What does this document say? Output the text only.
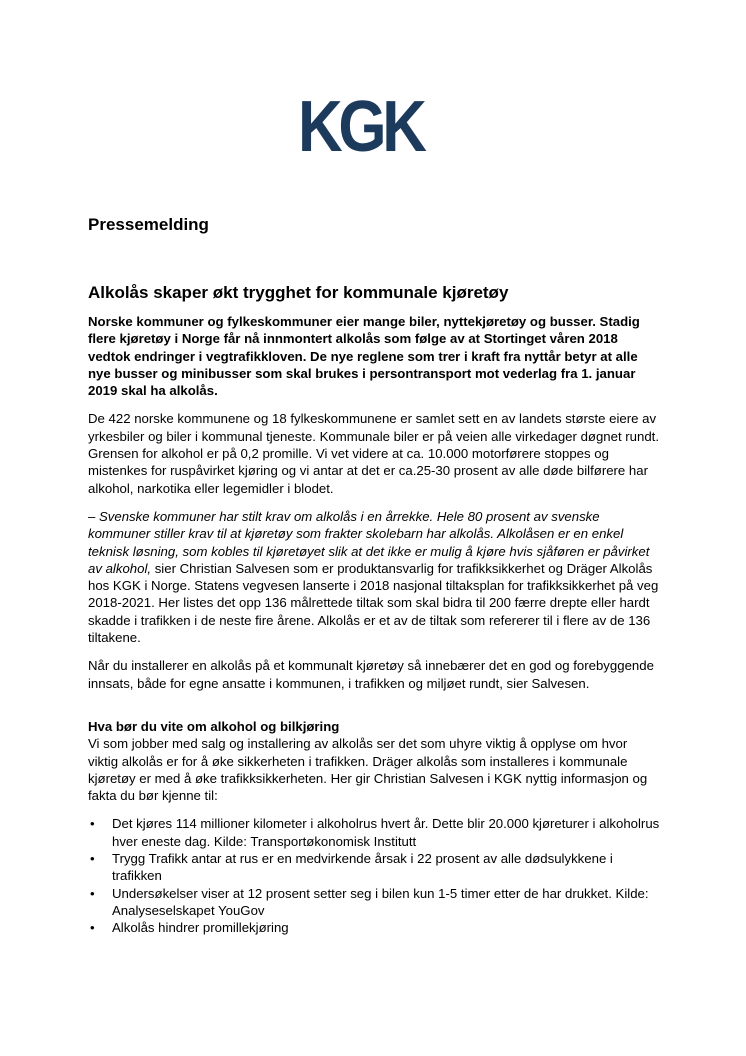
KGK
Pressemelding
Alkolås skaper økt trygghet for kommunale kjøretøy

Norske kommuner og fylkeskommuner eier mange biler, nyttekjøretøy og busser. Stadig flere kjøretøy i Norge får nå innmontert alkolås som følge av at Stortinget våren 2018 vedtok endringer i vegtrafikkloven. De nye reglene som trer i kraft fra nyttår betyr at alle nye busser og minibusser som skal brukes i persontransport mot vederlag fra 1. januar 2019 skal ha alkolås.

De 422 norske kommunene og 18 fylkeskommunene er samlet sett en av landets største eiere av yrkesbiler og biler i kommunal tjeneste. Kommunale biler er på veien alle virkedager døgnet rundt. Grensen for alkohol er på 0,2 promille. Vi vet videre at ca. 10.000 motorførere stoppes og mistenkes for ruspåvirket kjøring og vi antar at det er ca.25-30 prosent av alle døde bilførere har alkohol, narkotika eller legemidler i blodet.

– Svenske kommuner har stilt krav om alkolås i en årrekke. Hele 80 prosent av svenske kommuner stiller krav til at kjøretøy som frakter skolebarn har alkolås. Alkolåsen er en enkel teknisk løsning, som kobles til kjøretøyet slik at det ikke er mulig å kjøre hvis sjåføren er påvirket av alkohol, sier Christian Salvesen som er produktansvarlig for trafikksikkerhet og Dräger Alkolås hos KGK i Norge. Statens vegvesen lanserte i 2018 nasjonal tiltaksplan for trafikksikkerhet på veg 2018-2021. Her listes det opp 136 målrettede tiltak som skal bidra til 200 færre drepte eller hardt skadde i trafikken i de neste fire årene. Alkolås er et av de tiltak som refererer til i flere av de 136 tiltakene.

Når du installerer en alkolås på et kommunalt kjøretøy så innebærer det en god og forebyggende innsats, både for egne ansatte i kommunen, i trafikken og miljøet rundt, sier Salvesen.

Hva bør du vite om alkohol og bilkjøring

Vi som jobber med salg og installering av alkolås ser det som uhyre viktig å opplyse om hvor viktig alkolås er for å øke sikkerheten i trafikken. Dräger alkolås som installeres i kommunale kjøretøy er med å øke trafikksikkerheten. Her gir Christian Salvesen i KGK nyttig informasjon og fakta du bør kjenne til:

• Det kjøres 114 millioner kilometer i alkoholrus hvert år. Dette blir 20.000 kjøreturer i alkoholrus hver eneste dag. Kilde: Transportøkonomisk Institutt
• Trygg Trafikk antar at rus er en medvirkende årsak i 22 prosent av alle dødsulykkene i trafikken
• Undersøkelser viser at 12 prosent setter seg i bilen kun 1-5 timer etter de har drukket. Kilde: Analyseselskapet YouGov
• Alkolås hindrer promillekjøring
